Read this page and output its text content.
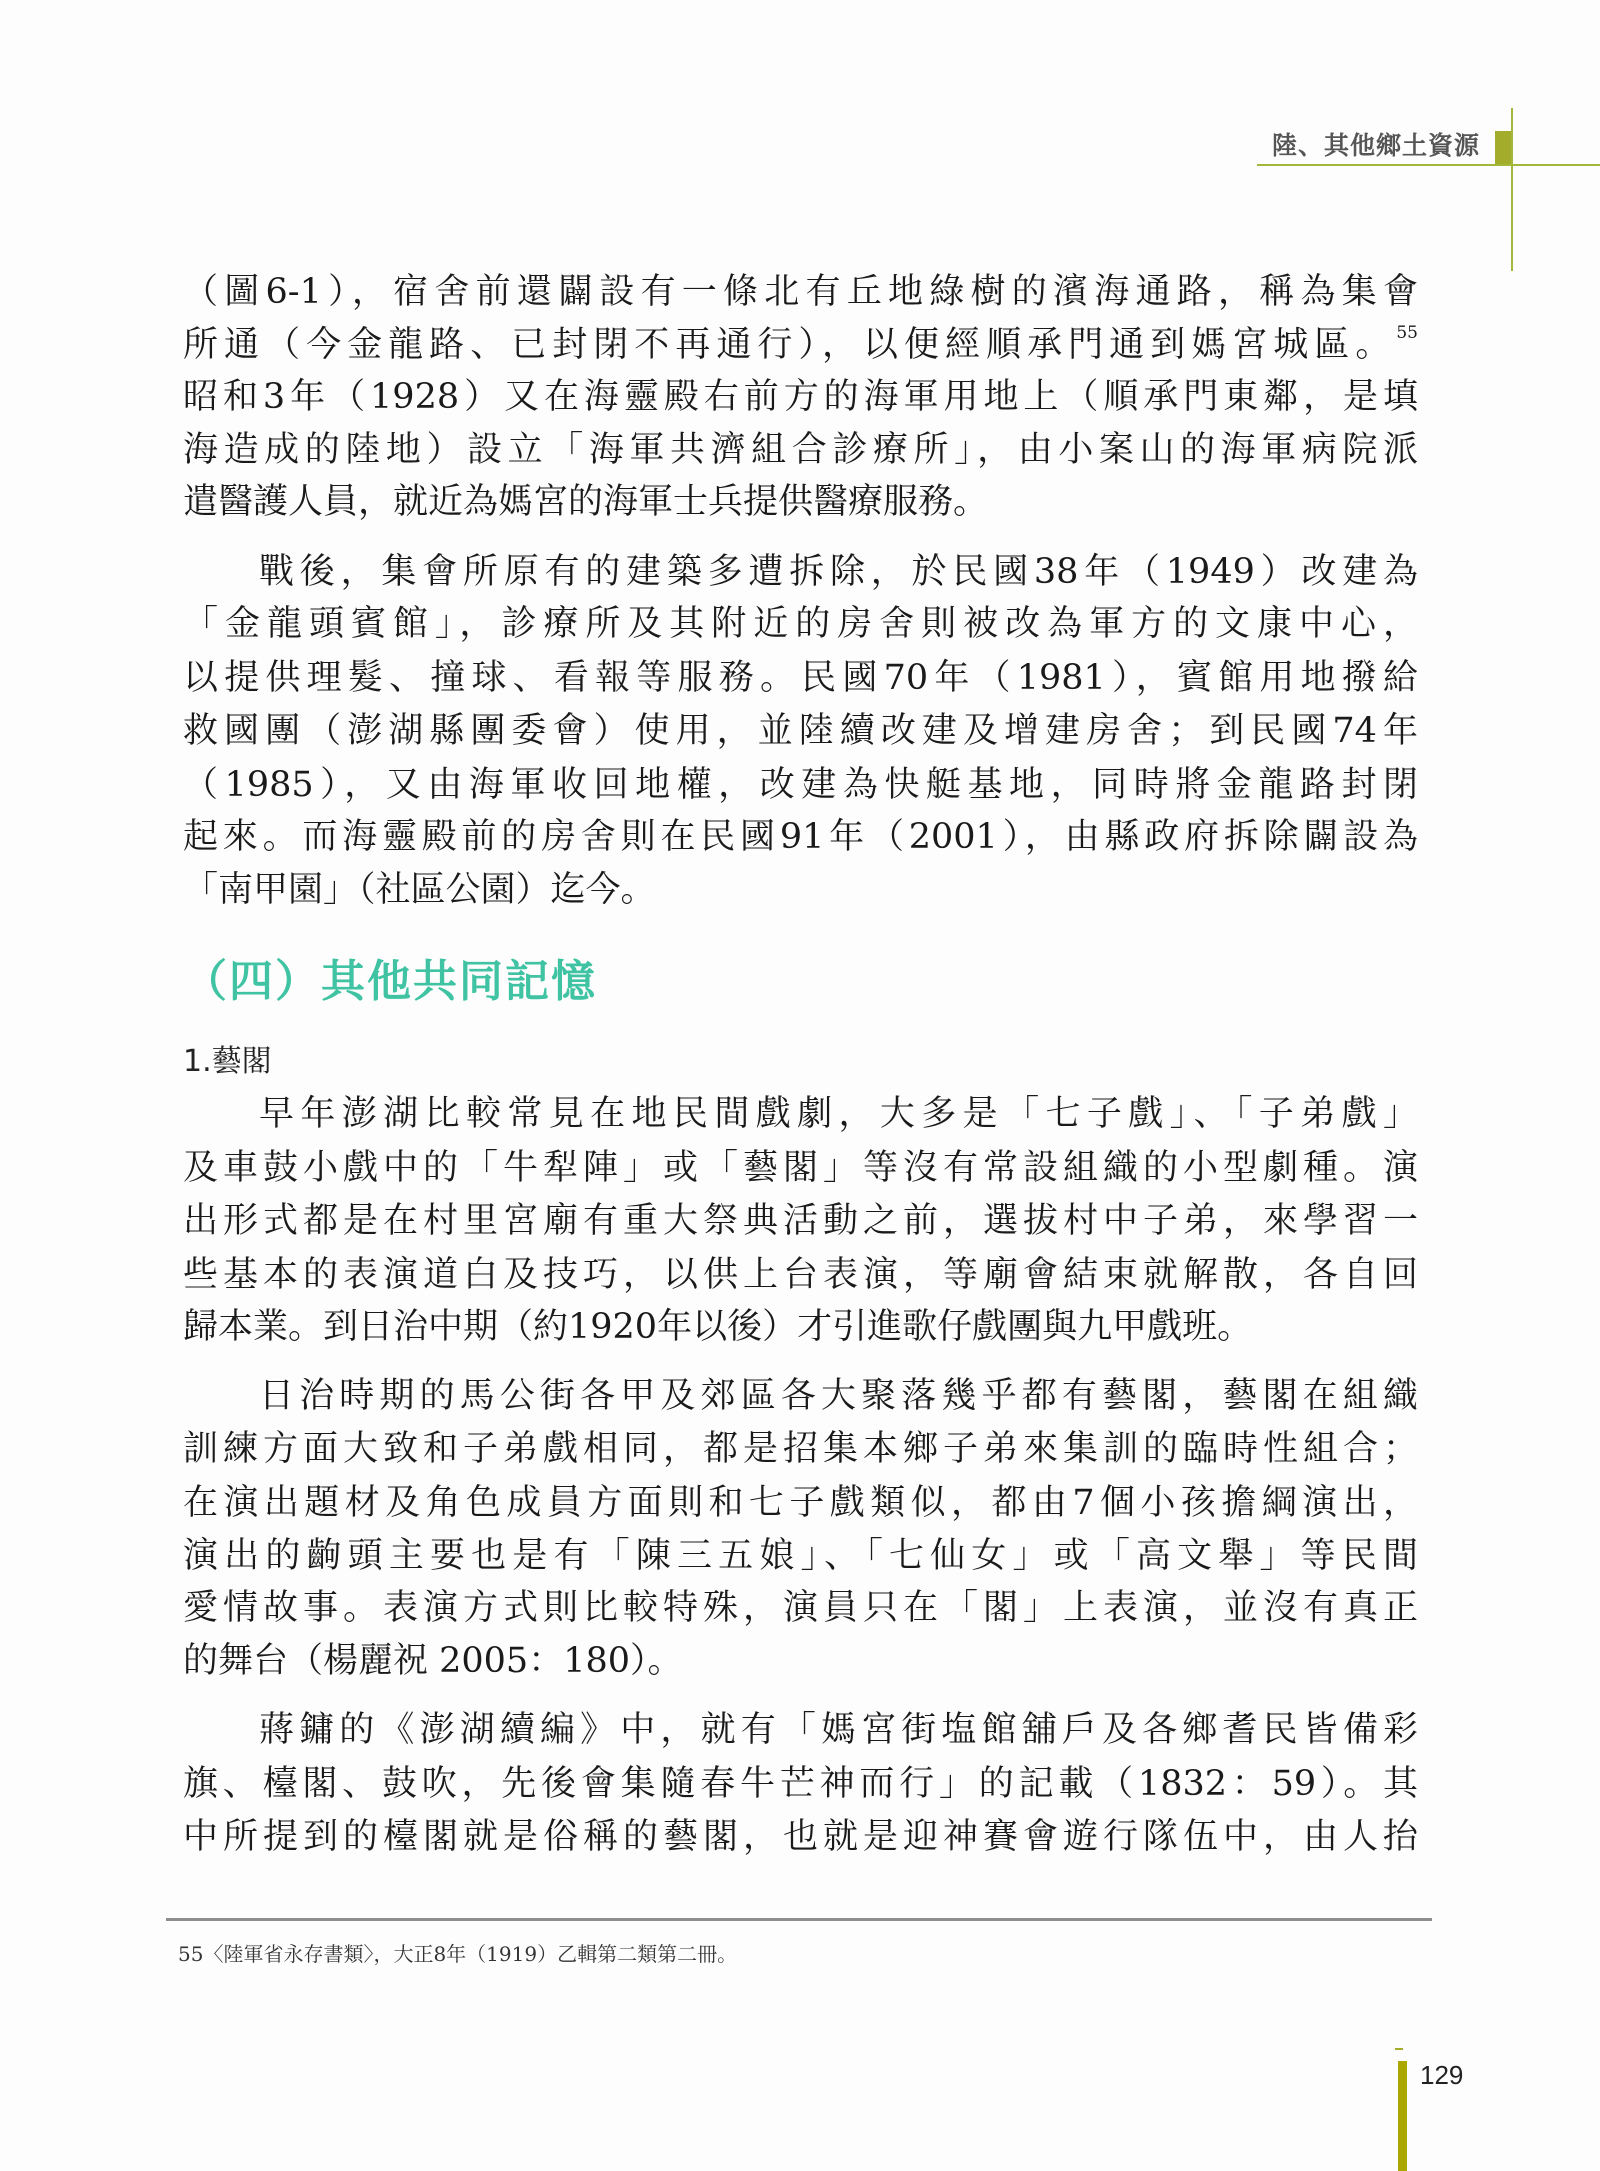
陸、其他鄉土資源
（圖6-1），宿舍前還闢設有一條北有丘地綠樹的濱海通路，稱為集會
所通（今金龍路、已封閉不再通行），以便經順承門通到媽宮城區。$^{55}$
昭和3年（1928）又在海靈殿右前方的海軍用地上（順承門東鄰，是填
海造成的陸地）設立「海軍共濟組合診療所」，由小案山的海軍病院派
遣醫護人員，就近為媽宮的海軍士兵提供醫療服務。
戰後，集會所原有的建築多遭拆除，於民國38年（1949）改建為
「金龍頭賓館」，診療所及其附近的房舍則被改為軍方的文康中心，
以提供理髮、撞球、看報等服務。民國70年（1981），賓館用地撥給
救國團（澎湖縣團委會）使用，並陸續改建及增建房舍；到民國74年
（1985），又由海軍收回地權，改建為快艇基地，同時將金龍路封閉
起來。而海靈殿前的房舍則在民國91年（2001），由縣政府拆除闢設為
「南甲園」（社區公園）迄今。
早年澎湖比較常見在地民間戲劇，大多是「七子戲」、「子弟戲」
及車鼓小戲中的「牛犁陣」或「藝閣」等沒有常設組織的小型劇種。演
出形式都是在村里宮廟有重大祭典活動之前，選拔村中子弟，來學習一
些基本的表演道白及技巧，以供上台表演，等廟會結束就解散，各自回
歸本業。到日治中期（約1920年以後）才引進歌仔戲團與九甲戲班。
日治時期的馬公街各甲及郊區各大聚落幾乎都有藝閣，藝閣在組織
訓練方面大致和子弟戲相同，都是招集本鄉子弟來集訓的臨時性組合；
在演出題材及角色成員方面則和七子戲類似，都由7個小孩擔綱演出，
演出的齣頭主要也是有「陳三五娘」、「七仙女」或「高文舉」等民間
愛情故事。表演方式則比較特殊，演員只在「閣」上表演，並沒有真正
的舞台（楊麗祝 2005：180）。
蔣鏞的《澎湖續編》中，就有「媽宮街塩館舖戶及各鄉耆民皆備彩
旗、檯閣、鼓吹，先後會集隨春牛芒神而行」的記載（1832：59）。其
中所提到的檯閣就是俗稱的藝閣，也就是迎神賽會遊行隊伍中，由人抬
（四）其他共同記憶
1.藝閣
55〈陸軍省永存書類〉，大正8年（1919）乙輯第二類第二冊。
129
